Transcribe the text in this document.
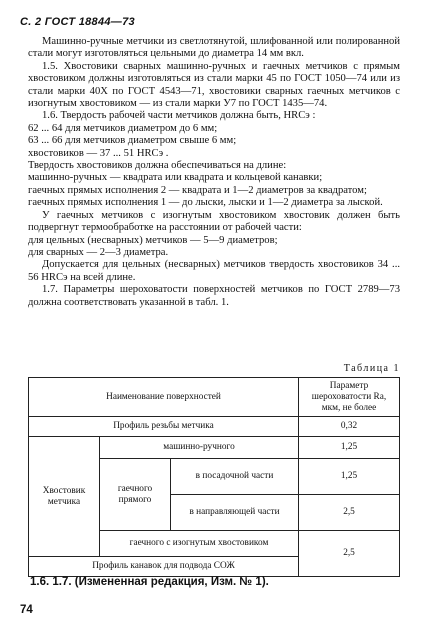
С. 2 ГОСТ 18844—73

Машинно-ручные метчики из светлотянутой, шлифованной или полированной стали могут изготовляться цельными до диаметра 14 мм вкл.

1.5. Хвостовики сварных машинно-ручных и гаечных метчиков с прямым хвостовиком должны изготовляться из стали марки 45 по ГОСТ 1050—74 или из стали марки 40Х по ГОСТ 4543—71, хвостовики сварных гаечных метчиков с изогнутым хвостовиком — из стали марки У7 по ГОСТ 1435—74.

1.6. Твердость рабочей части метчиков должна быть, HRCэ :

62 ... 64 для метчиков диаметром до 6 мм;

63 ... 66 для метчиков диаметром свыше 6 мм;

хвостовиков — 37 ... 51 HRCэ .

Твердость хвостовиков должна обеспечиваться на длине:

машинно-ручных — квадрата или квадрата и кольцевой канавки;

гаечных прямых исполнения 2 — квадрата и 1—2 диаметров за квадратом;

гаечных прямых исполнения 1 — до лыски, лыски и 1—2 диаметра за лыской.

У гаечных метчиков с изогнутым хвостовиком хвостовик должен быть подвергнут термообработке на расстоянии от рабочей части:

для цельных (несварных) метчиков — 5—9 диаметров;

для сварных — 2—3 диаметра.

Допускается для цельных (несварных) метчиков твердость хвостовиков 34 ... 56 HRCэ на всей длине.

1.7. Параметры шероховатости поверхностей метчиков по ГОСТ 2789—73 должна соответствовать указанной в табл. 1.

Таблица 1
Наименование поверхностей			Параметр шероховатости Ra, мкм, не более
Профиль резьбы метчика			0,32
Хвостовик метчика	машинно-ручного		1,25
	гаечного прямого	в посадочной части	1,25
		в направляющей части	2,5
	гаечного с изогнутым хвостовиком		2,5
Профиль канавок для подвода СОЖ			
1.6. 1.7. (Измененная редакция, Изм. № 1).
74
